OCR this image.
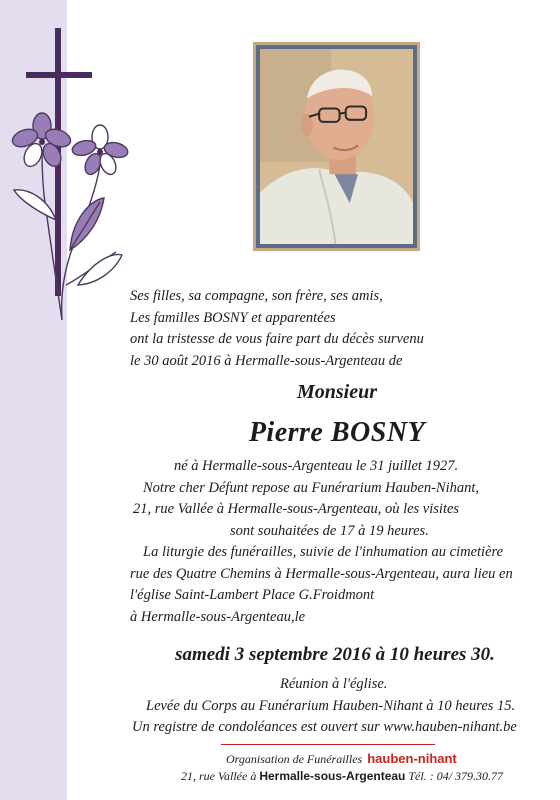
Ses filles, sa compagne, son frère, ses amis,

Les familles BOSNY et apparentées

ont la tristesse de vous faire part du décès survenu

le 30 août 2016 à Hermalle-sous-Argenteau de

Monsieur
Pierre BOSNY

né à Hermalle-sous-Argenteau le 31 juillet 1927.

Notre cher Défunt repose au Funérarium Hauben-Nihant,

21, rue Vallée à Hermalle-sous-Argenteau, où les visites

sont souhaitées de 17 à 19 heures.

La liturgie des funérailles, suivie de l'inhumation au cimetière

rue des Quatre Chemins à Hermalle-sous-Argenteau, aura lieu en

l'église Saint-Lambert Place G.Froidmont

à Hermalle-sous-Argenteau,le

samedi 3 septembre 2016 à 10 heures 30.

Réunion à l'église.

Levée du Corps au Funérarium Hauben-Nihant à 10 heures 15.

Un registre de condoléances est ouvert sur www.hauben-nihant.be

Organisation de Funérailles hauben-nihant
21, rue Vallée à Hermalle-sous-Argenteau Tél. : 04/ 379.30.77
